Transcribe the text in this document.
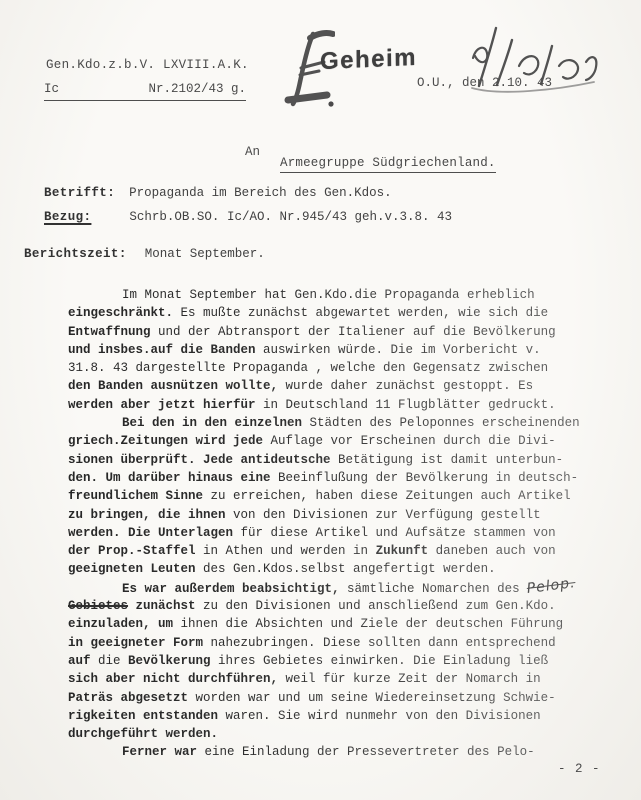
Gen.Kdo.z.b.V. LXVIII.A.K.
Ic	Nr.2102/43 g.
Geheim
O.U., den 2.10. 43
An
Armeegruppe Südgriechenland.
Betrifft: Propaganda im Bereich des Gen.Kdos.
Bezug:	Schrb.OB.SO. Ic/AO. Nr.945/43 geh.v.3.8. 43
Berichtszeit: Monat September.
Im Monat September hat Gen.Kdo.die Propaganda erheblich
eingeschränkt. Es mußte zunächst abgewartet werden, wie sich die
Entwaffnung und der Abtransport der Italiener auf die Bevölkerung
und insbes.auf die Banden auswirken würde. Die im Vorbericht v.
31.8. 43 dargestellte Propaganda , welche den Gegensatz zwischen
den Banden ausnützen wollte, wurde daher zunächst gestoppt. Es
werden aber jetzt hierfür in Deutschland 11 Flugblätter gedruckt.
Bei den in den einzelnen Städten des Peloponnes erscheinenden
griech.Zeitungen wird jede Auflage vor Erscheinen durch die Divi-
sionen überprüft. Jede antideutsche Betätigung ist damit unterbun-
den. Um darüber hinaus eine Beeinflußung der Bevölkerung in deutsch-
freundlichem Sinne zu erreichen, haben diese Zeitungen auch Artikel
zu bringen, die ihnen von den Divisionen zur Verfügung gestellt
werden. Die Unterlagen für diese Artikel und Aufsätze stammen von
der Prop.-Staffel in Athen und werden in Zukunft daneben auch von
geeigneten Leuten des Gen.Kdos.selbst angefertigt werden.
Es war außerdem beabsichtigt, sämtliche Nomarchen des Pelop.
Gebietes zunächst zu den Divisionen und anschließend zum Gen.Kdo.
einzuladen, um ihnen die Absichten und Ziele der deutschen Führung
in geeigneter Form nahezubringen. Diese sollten dann entsprechend
auf die Bevölkerung ihres Gebietes einwirken. Die Einladung ließ
sich aber nicht durchführen, weil für kurze Zeit der Nomarch in
Paträs abgesetzt worden war und um seine Wiedereinsetzung Schwie-
rigkeiten entstanden waren. Sie wird nunmehr von den Divisionen
durchgeführt werden.
Ferner war eine Einladung der Pressevertreter des Pelo-
- 2 -
